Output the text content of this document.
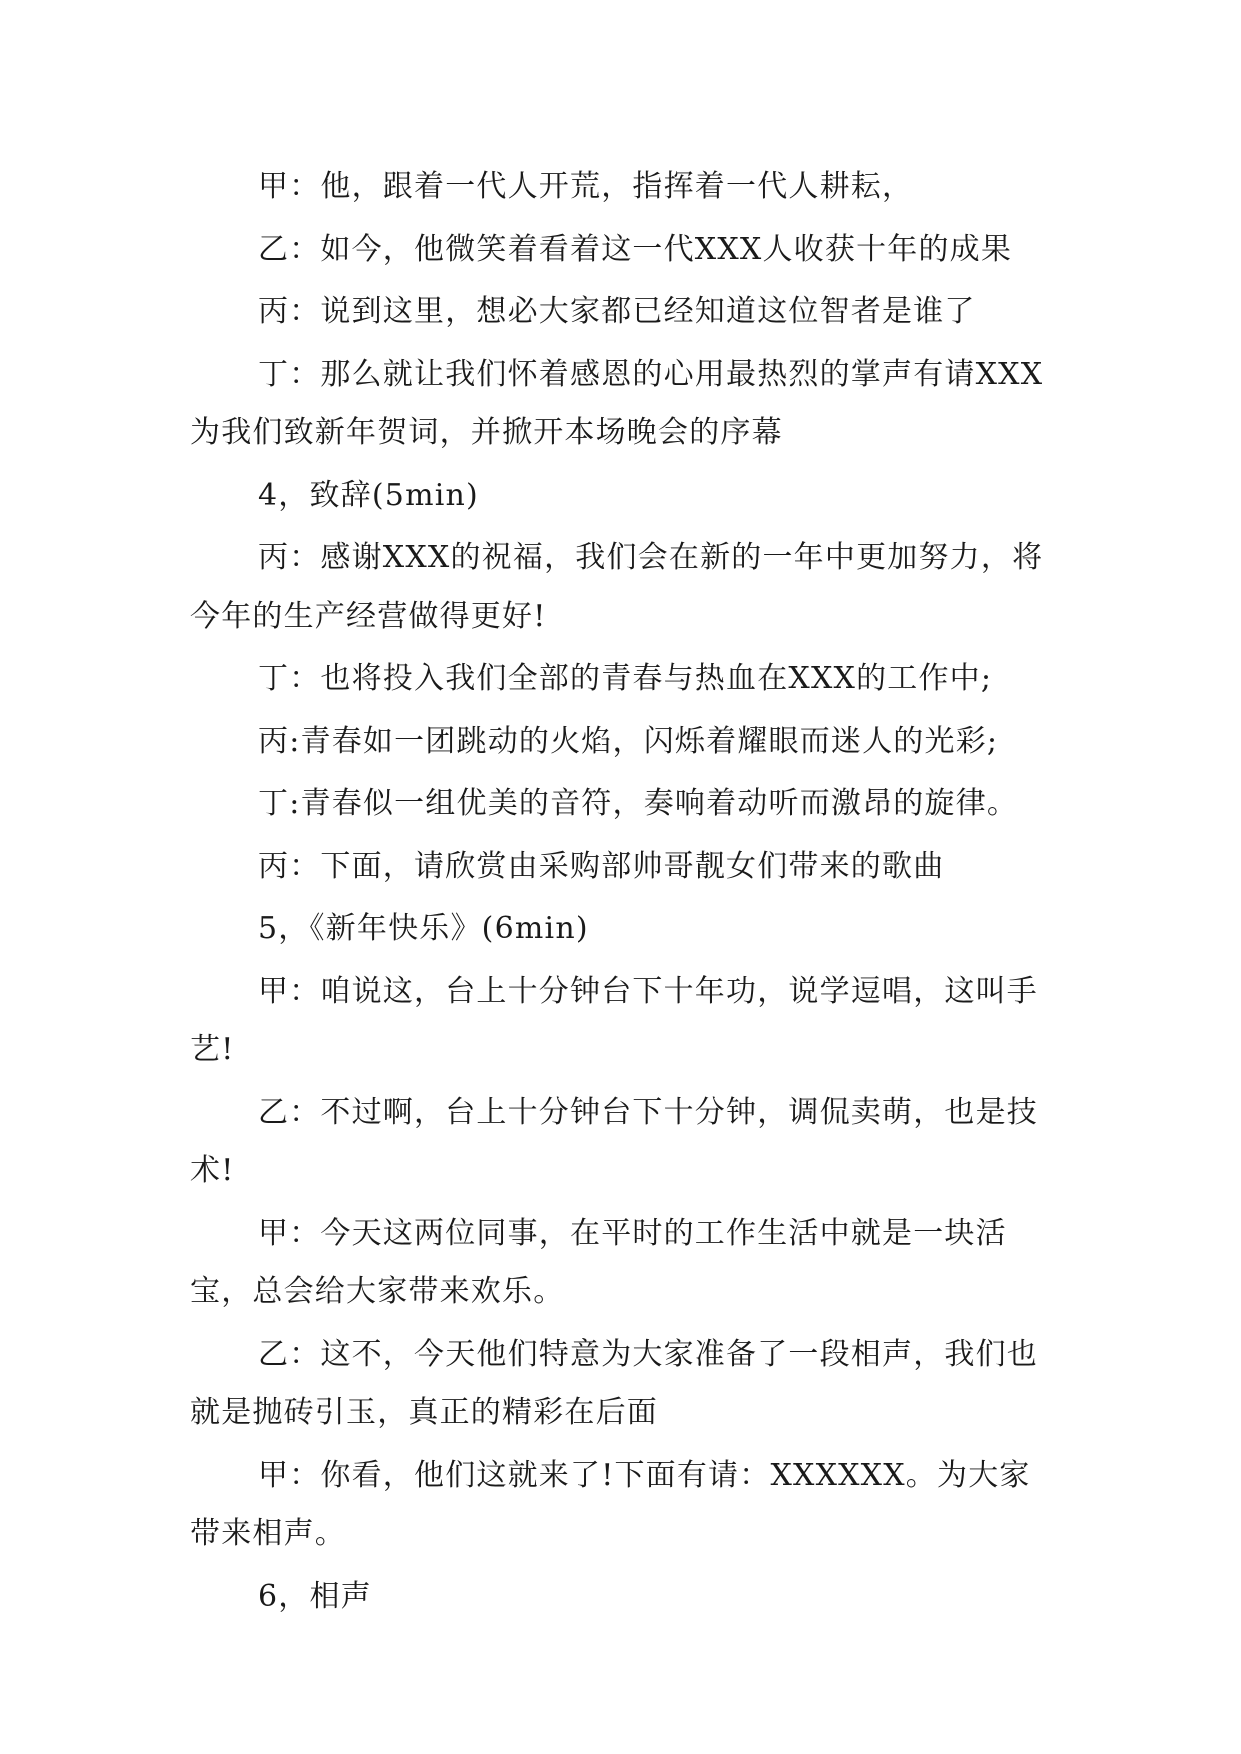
甲：他，跟着一代人开荒，指挥着一代人耕耘，

乙：如今，他微笑着看着这一代XXX人收获十年的成果

丙：说到这里，想必大家都已经知道这位智者是谁了

丁：那么就让我们怀着感恩的心用最热烈的掌声有请XXX为我们致新年贺词，并掀开本场晚会的序幕

4，致辞(5min)

丙：感谢XXX的祝福，我们会在新的一年中更加努力，将今年的生产经营做得更好!

丁：也将投入我们全部的青春与热血在XXX的工作中;

丙:青春如一团跳动的火焰，闪烁着耀眼而迷人的光彩;

丁:青春似一组优美的音符，奏响着动听而激昂的旋律。

丙：下面，请欣赏由采购部帅哥靓女们带来的歌曲

5，《新年快乐》(6min)

甲：咱说这，台上十分钟台下十年功，说学逗唱，这叫手艺!

乙：不过啊，台上十分钟台下十分钟，调侃卖萌，也是技术!

甲：今天这两位同事，在平时的工作生活中就是一块活宝，总会给大家带来欢乐。

乙：这不，今天他们特意为大家准备了一段相声，我们也就是抛砖引玉，真正的精彩在后面

甲：你看，他们这就来了!下面有请：XXXXXX。为大家带来相声。

6，相声
